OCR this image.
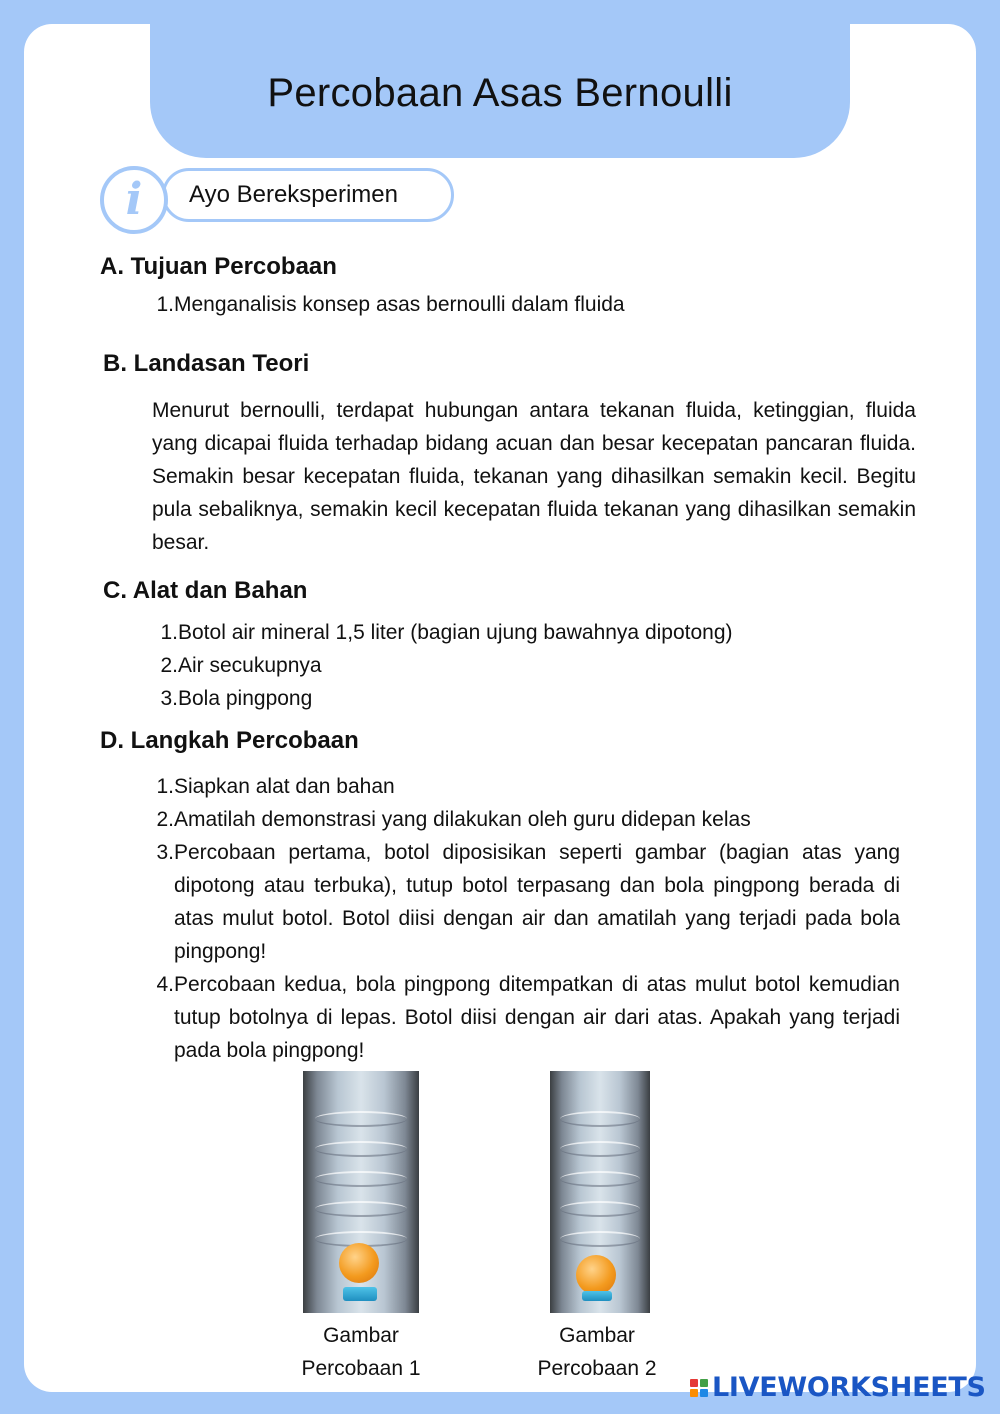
Percobaan Asas Bernoulli
Ayo Bereksperimen
i
A. Tujuan Percobaan
1. Menganalisis konsep asas bernoulli dalam fluida
B. Landasan Teori

Menurut bernoulli, terdapat hubungan antara tekanan fluida, ketinggian, fluida yang dicapai fluida terhadap bidang acuan dan besar kecepatan pancaran fluida. Semakin besar kecepatan fluida, tekanan yang dihasilkan semakin kecil. Begitu pula sebaliknya, semakin kecil kecepatan fluida tekanan yang dihasilkan semakin besar.

C. Alat dan Bahan
1. Botol air mineral 1,5 liter (bagian ujung bawahnya dipotong)
2. Air secukupnya
3. Bola pingpong
D. Langkah Percobaan
1. Siapkan alat dan bahan
2. Amatilah demonstrasi yang dilakukan oleh guru didepan kelas
3. Percobaan pertama, botol diposisikan seperti gambar (bagian atas yang dipotong atau terbuka), tutup botol terpasang dan bola pingpong berada di atas mulut botol. Botol diisi dengan air dan amatilah yang terjadi pada bola pingpong!
4. Percobaan kedua, bola pingpong ditempatkan di atas mulut botol kemudian tutup botolnya di lepas. Botol diisi dengan air dari atas. Apakah yang terjadi pada bola pingpong!
Gambar
Percobaan 1
Gambar
Percobaan 2
LIVEWORKSHEETS
